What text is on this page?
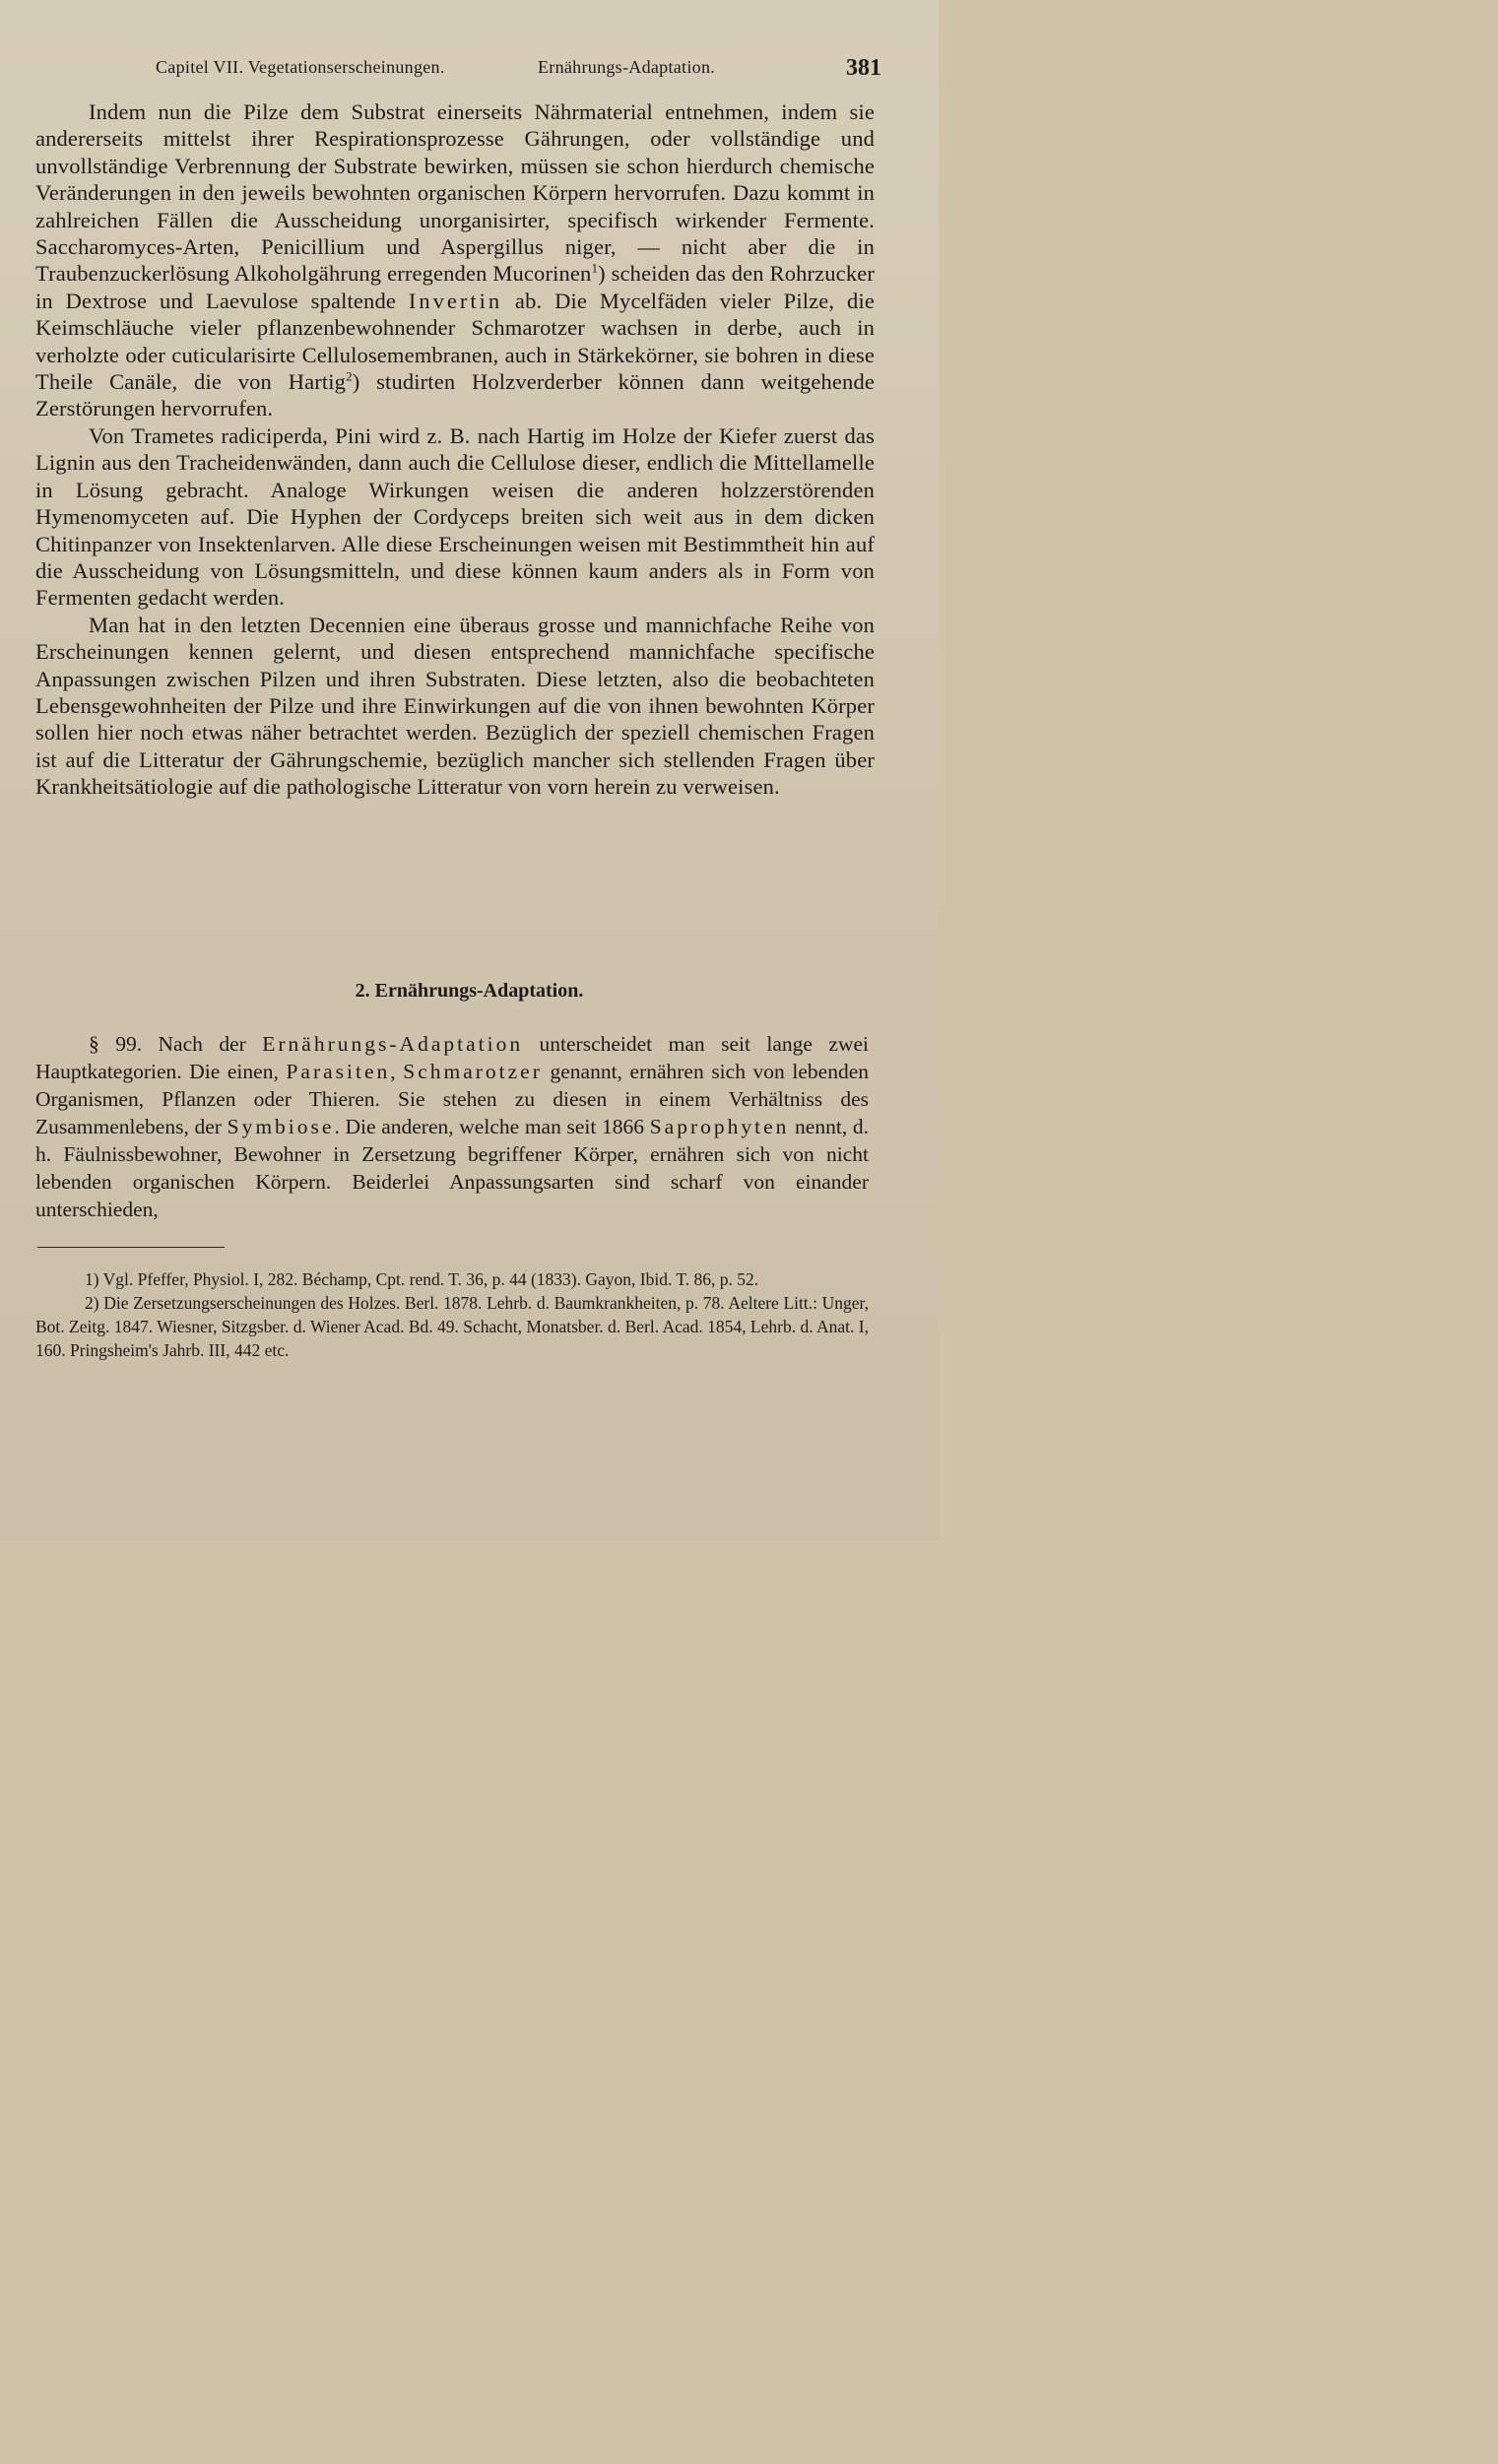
Capitel VII. Vegetationserscheinungen.	Ernährungs-Adaptation.	381

Indem nun die Pilze dem Substrat einerseits Nährmaterial entnehmen, indem sie andererseits mittelst ihrer Respirationsprozesse Gährungen, oder vollständige und unvollständige Verbrennung der Substrate bewirken, müssen sie schon hierdurch chemische Veränderungen in den jeweils bewohnten organischen Körpern hervorrufen. Dazu kommt in zahlreichen Fällen die Ausscheidung unorganisirter, specifisch wirkender Fermente. Saccharomyces-Arten, Penicillium und Aspergillus niger, — nicht aber die in Traubenzuckerlösung Alkoholgährung erregenden Mucorinen$^1$) scheiden das den Rohrzucker in Dextrose und Laevulose spaltende Invertin ab. Die Mycelfäden vieler Pilze, die Keimschläuche vieler pflanzenbewohnender Schmarotzer wachsen in derbe, auch in verholzte oder cuticularisirte Cellulosemembranen, auch in Stärkekörner, sie bohren in diese Theile Canäle, die von Hartig$^2$) studirten Holzverderber können dann weitgehende Zerstörungen hervorrufen.

Von Trametes radiciperda, Pini wird z. B. nach Hartig im Holze der Kiefer zuerst das Lignin aus den Tracheidenwänden, dann auch die Cellulose dieser, endlich die Mittellamelle in Lösung gebracht. Analoge Wirkungen weisen die anderen holzzerstörenden Hymenomyceten auf. Die Hyphen der Cordyceps breiten sich weit aus in dem dicken Chitinpanzer von Insektenlarven. Alle diese Erscheinungen weisen mit Bestimmtheit hin auf die Ausscheidung von Lösungsmitteln, und diese können kaum anders als in Form von Fermenten gedacht werden.

Man hat in den letzten Decennien eine überaus grosse und mannichfache Reihe von Erscheinungen kennen gelernt, und diesen entsprechend mannichfache specifische Anpassungen zwischen Pilzen und ihren Substraten. Diese letzten, also die beobachteten Lebensgewohnheiten der Pilze und ihre Einwirkungen auf die von ihnen bewohnten Körper sollen hier noch etwas näher betrachtet werden. Bezüglich der speziell chemischen Fragen ist auf die Litteratur der Gährungschemie, bezüglich mancher sich stellenden Fragen über Krankheitsätiologie auf die pathologische Litteratur von vorn herein zu verweisen.

2. Ernährungs-Adaptation.

§ 99. Nach der Ernährungs-Adaptation unterscheidet man seit lange zwei Hauptkategorien. Die einen, Parasiten, Schmarotzer genannt, ernähren sich von lebenden Organismen, Pflanzen oder Thieren. Sie stehen zu diesen in einem Verhältniss des Zusammenlebens, der Symbiose. Die anderen, welche man seit 1866 Saprophyten nennt, d. h. Fäulnissbewohner, Bewohner in Zersetzung begriffener Körper, ernähren sich von nicht lebenden organischen Körpern. Beiderlei Anpassungsarten sind scharf von einander unterschieden,

1) Vgl. Pfeffer, Physiol. I, 282. Béchamp, Cpt. rend. T. 36, p. 44 (1833). Gayon, Ibid. T. 86, p. 52.

2) Die Zersetzungserscheinungen des Holzes. Berl. 1878. Lehrb. d. Baumkrankheiten, p. 78. Aeltere Litt.: Unger, Bot. Zeitg. 1847. Wiesner, Sitzgsber. d. Wiener Acad. Bd. 49. Schacht, Monatsber. d. Berl. Acad. 1854, Lehrb. d. Anat. I, 160. Pringsheim's Jahrb. III, 442 etc.
